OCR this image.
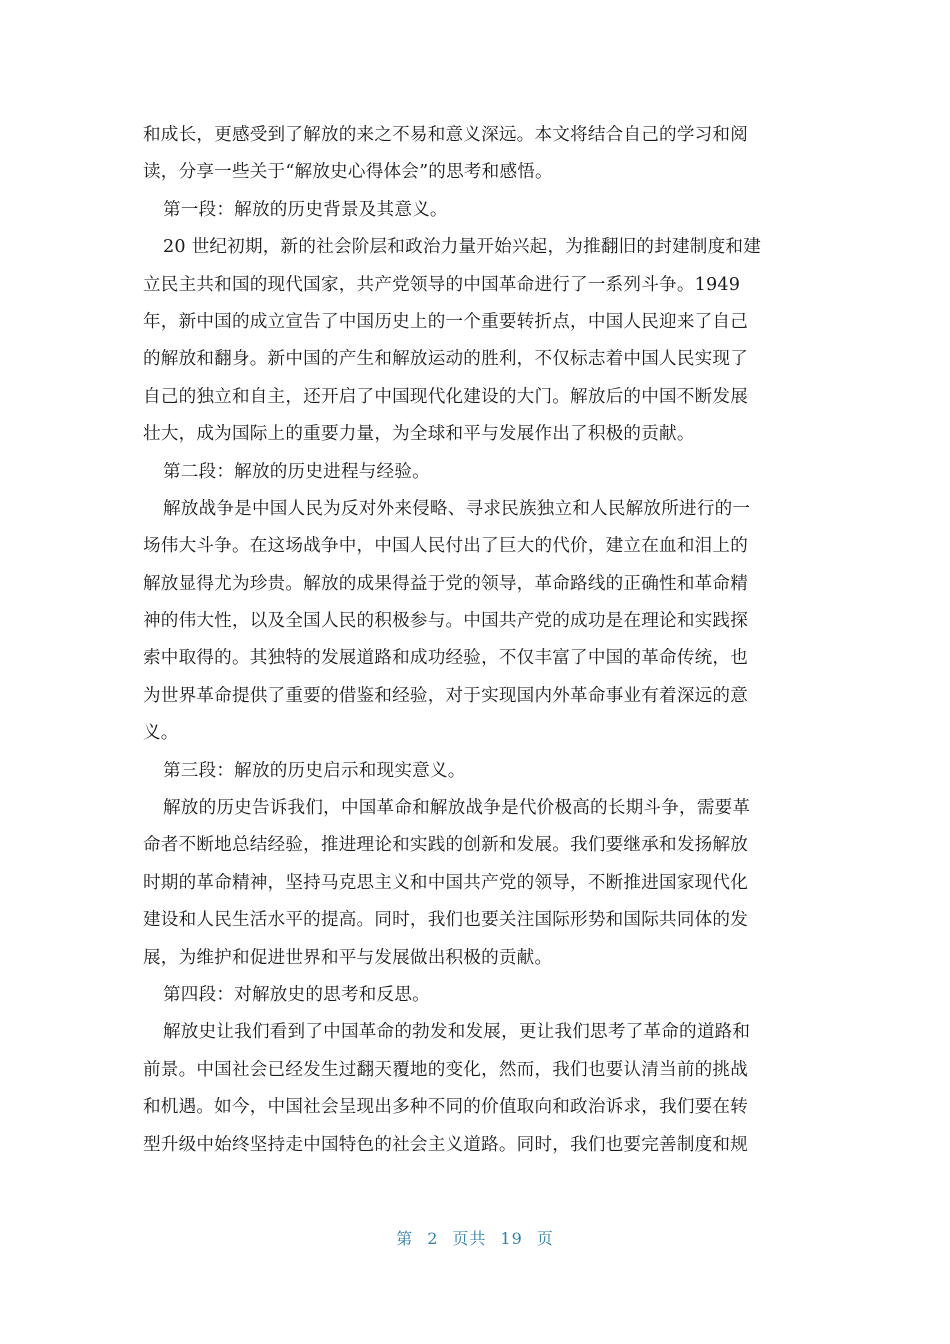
和成长，更感受到了解放的来之不易和意义深远。本文将结合自己的学习和阅
读，分享一些关于“解放史心得体会”的思考和感悟。
第一段：解放的历史背景及其意义。
20 世纪初期，新的社会阶层和政治力量开始兴起，为推翻旧的封建制度和建
立民主共和国的现代国家，共产党领导的中国革命进行了一系列斗争。1949
年，新中国的成立宣告了中国历史上的一个重要转折点，中国人民迎来了自己
的解放和翻身。新中国的产生和解放运动的胜利，不仅标志着中国人民实现了
自己的独立和自主，还开启了中国现代化建设的大门。解放后的中国不断发展
壮大，成为国际上的重要力量，为全球和平与发展作出了积极的贡献。
第二段：解放的历史进程与经验。
解放战争是中国人民为反对外来侵略、寻求民族独立和人民解放所进行的一
场伟大斗争。在这场战争中，中国人民付出了巨大的代价，建立在血和泪上的
解放显得尤为珍贵。解放的成果得益于党的领导，革命路线的正确性和革命精
神的伟大性，以及全国人民的积极参与。中国共产党的成功是在理论和实践探
索中取得的。其独特的发展道路和成功经验，不仅丰富了中国的革命传统，也
为世界革命提供了重要的借鉴和经验，对于实现国内外革命事业有着深远的意
义。
第三段：解放的历史启示和现实意义。
解放的历史告诉我们，中国革命和解放战争是代价极高的长期斗争，需要革
命者不断地总结经验，推进理论和实践的创新和发展。我们要继承和发扬解放
时期的革命精神，坚持马克思主义和中国共产党的领导，不断推进国家现代化
建设和人民生活水平的提高。同时，我们也要关注国际形势和国际共同体的发
展，为维护和促进世界和平与发展做出积极的贡献。
第四段：对解放史的思考和反思。
解放史让我们看到了中国革命的勃发和发展，更让我们思考了革命的道路和
前景。中国社会已经发生过翻天覆地的变化，然而，我们也要认清当前的挑战
和机遇。如今，中国社会呈现出多种不同的价值取向和政治诉求，我们要在转
型升级中始终坚持走中国特色的社会主义道路。同时，我们也要完善制度和规
第 2 页共 19 页
